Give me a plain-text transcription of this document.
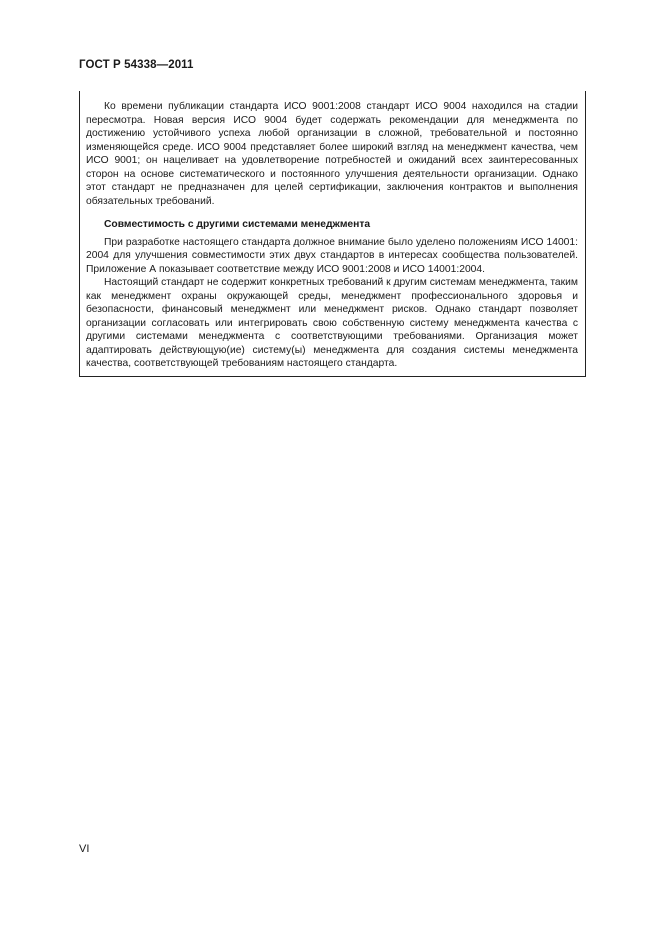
ГОСТ Р 54338—2011

Ко времени публикации стандарта ИСО 9001:2008 стандарт ИСО 9004 находился на стадии пересмотра. Новая версия ИСО 9004 будет содержать рекомендации для менеджмента по достижению устойчивого успеха любой организации в сложной, требовательной и постоянно изменяющейся среде. ИСО 9004 представляет более широкий взгляд на менеджмент качества, чем ИСО 9001; он нацеливает на удовлетворение потребностей и ожиданий всех заинтересованных сторон на основе систематического и постоянного улучшения деятельности организации. Однако этот стандарт не предназначен для целей сертификации, заключения контрактов и выполнения обязательных требований.

Совместимость с другими системами менеджмента

При разработке настоящего стандарта должное внимание было уделено положениям ИСО 14001: 2004 для улучшения совместимости этих двух стандартов в интересах сообщества пользователей. Приложение А показывает соответствие между ИСО 9001:2008 и ИСО 14001:2004.

Настоящий стандарт не содержит конкретных требований к другим системам менеджмента, таким как менеджмент охраны окружающей среды, менеджмент профессионального здоровья и безопасности, финансовый менеджмент или менеджмент рисков. Однако стандарт позволяет организации согласовать или интегрировать свою собственную систему менеджмента качества с другими системами менеджмента с соответствующими требованиями. Организация может адаптировать действующую(ие) систему(ы) менеджмента для создания системы менеджмента качества, соответствующей требованиям настоящего стандарта.

VI
